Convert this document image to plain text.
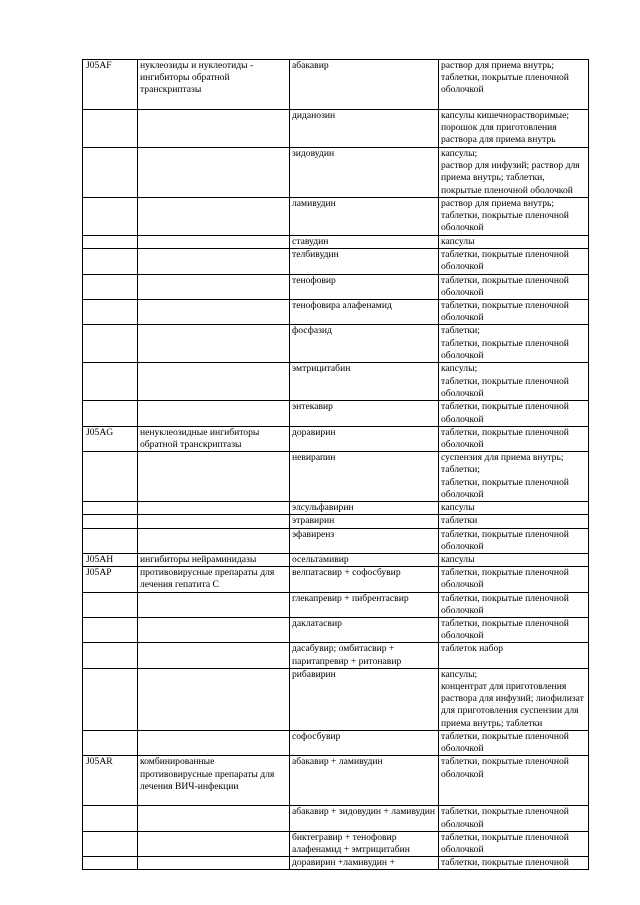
J05AF	нуклеозиды и нуклеотиды - ингибиторы обратной транскриптазы	абакавир	раствор для приема внутрь;
таблетки, покрытые пленочной оболочкой
		диданозин	капсулы кишечнорастворимые;
порошок для приготовления раствора для приема внутрь
		зидовудин	капсулы;
раствор для инфузий; раствор для приема внутрь; таблетки, покрытые пленочной оболочкой
		ламивудин	раствор для приема внутрь;
таблетки, покрытые пленочной оболочкой
		ставудин	капсулы
		телбивудин	таблетки, покрытые пленочной оболочкой
		тенофовир	таблетки, покрытые пленочной оболочкой
		тенофовира алафенамид	таблетки, покрытые пленочной оболочкой
		фосфазид	таблетки;
таблетки, покрытые пленочной оболочкой
		эмтрицитабин	капсулы;
таблетки, покрытые пленочной оболочкой
		энтекавир	таблетки, покрытые пленочной оболочкой
J05AG	ненуклеозидные ингибиторы обратной транскриптазы	доравирин	таблетки, покрытые пленочной оболочкой
		невирапин	суспензия для приема внутрь;
таблетки;
таблетки, покрытые пленочной оболочкой
		элсульфавирин	капсулы
		этравирин	таблетки
		эфавиренз	таблетки, покрытые пленочной оболочкой
J05AH	ингибиторы нейраминидазы	осельтамивир	капсулы
J05AP	противовирусные препараты для лечения гепатита С	велпатасвир + софосбувир	таблетки, покрытые пленочной оболочкой
		глекапревир + пибрентасвир	таблетки, покрытые пленочной оболочкой
		даклатасвир	таблетки, покрытые пленочной оболочкой
		дасабувир; омбитасвир + паритапревир + ритонавир	таблеток набор
		рибавирин	капсулы;
концентрат для приготовления раствора для инфузий; лиофилизат для приготовления суспензии для приема внутрь; таблетки
		софосбувир	таблетки, покрытые пленочной оболочкой
J05AR	комбинированные противовирусные препараты для лечения ВИЧ-инфекции	абакавир + ламивудин	таблетки, покрытые пленочной оболочкой
		абакавир + зидовудин + ламивудин	таблетки, покрытые пленочной оболочкой
		биктегравир + тенофовир алафенамид + эмтрицитабин	таблетки, покрытые пленочной оболочкой
		доравирин +ламивудин +	таблетки, покрытые пленочной
